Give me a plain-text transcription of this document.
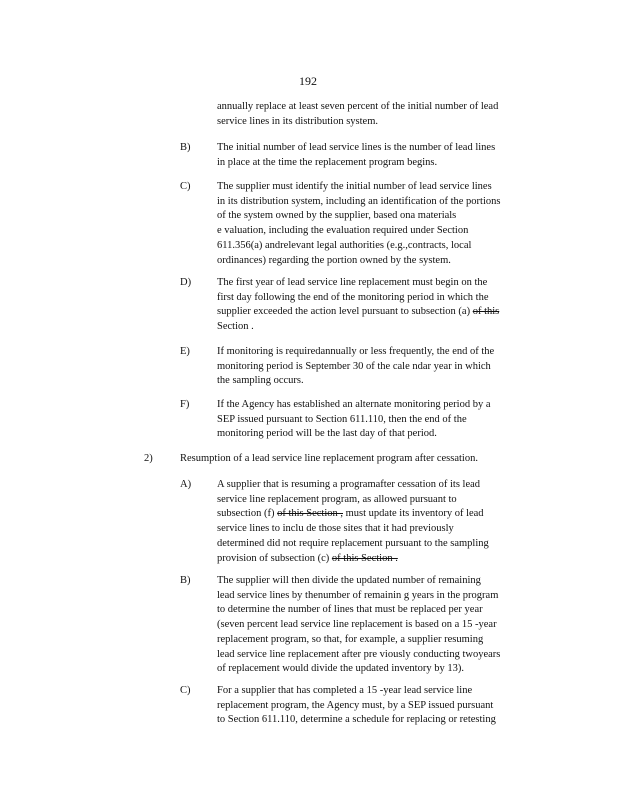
192
annually replace at least seven percent of the initial number of lead
service lines in its distribution system.
B)	The initial number of lead service lines is the number of lead lines
in place at the time the replacement program begins.
C)	The supplier must identify the initial number of lead service lines
in its distribution system, including an identification of the portions
of the system owned by the supplier, based ona materials
e valuation, including the evaluation required under Section
611.356(a) andrelevant legal authorities (e.g.,contracts, local
ordinances) regarding the portion owned by the system.
D) The first year of lead service line replacement must begin on the
first day following the end of the monitoring period in which the
supplier exceeded the action level pursuant to subsection (a) of this
Section .
E)	If monitoring is requiredannually or less frequently, the end of the
monitoring period is September 30 of the cale ndar year in which
the sampling occurs.
F)	If the Agency has established an alternate monitoring period by a
SEP issued pursuant to Section 611.110, then the end of the
monitoring period will be the last day of that period.
2)	Resumption of a lead service line replacement program after cessation.
A) A supplier that is resuming a programafter cessation of its lead
service line replacement program, as allowed pursuant to
subsection (f) of this Section , must update its inventory of lead
service lines to inclu de those sites that it had previously
determined did not require replacement pursuant to the sampling
provision of subsection (c) of this Section .
B)	The supplier will then divide the updated number of remaining
lead service lines by thenumber of remainin g years in the program
to determine the number of lines that must be replaced per year
(seven percent lead service line replacement is based on a 15 -year
replacement program, so that, for example, a supplier resuming
lead service line replacement after pre viously conducting twoyears
of replacement would divide the updated inventory by 13).
C)	For a supplier that has completed a 15 -year lead service line
replacement program, the Agency must, by a SEP issued pursuant
to Section 611.110, determine a schedule for replacing or retesting
